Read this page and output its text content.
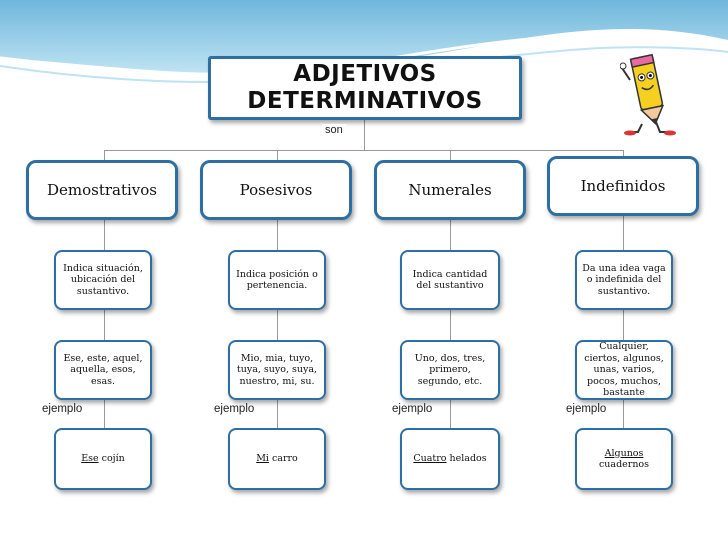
ADJETIVOS
DETERMINATIVOS
son
Demostrativos	Posesivos	Numerales	Indefinidos
Indica situación, ubicación del sustantivo.
Indica posición o pertenencia.
Indica cantidad del sustantivo
Da una idea vaga o indefinida del sustantivo.
Ese, este, aquel, aquella, esos, esas.
Mio, mia, tuyo, tuya, suyo, suya, nuestro, mi, su.
Uno, dos, tres, primero, segundo, etc.
Cualquier, ciertos, algunos, unas, varios, pocos, muchos, bastante
ejemplo	ejemplo	ejemplo	ejemplo
Ese cojín	Mi carro	Cuatro helados
Algunos cuadernos
